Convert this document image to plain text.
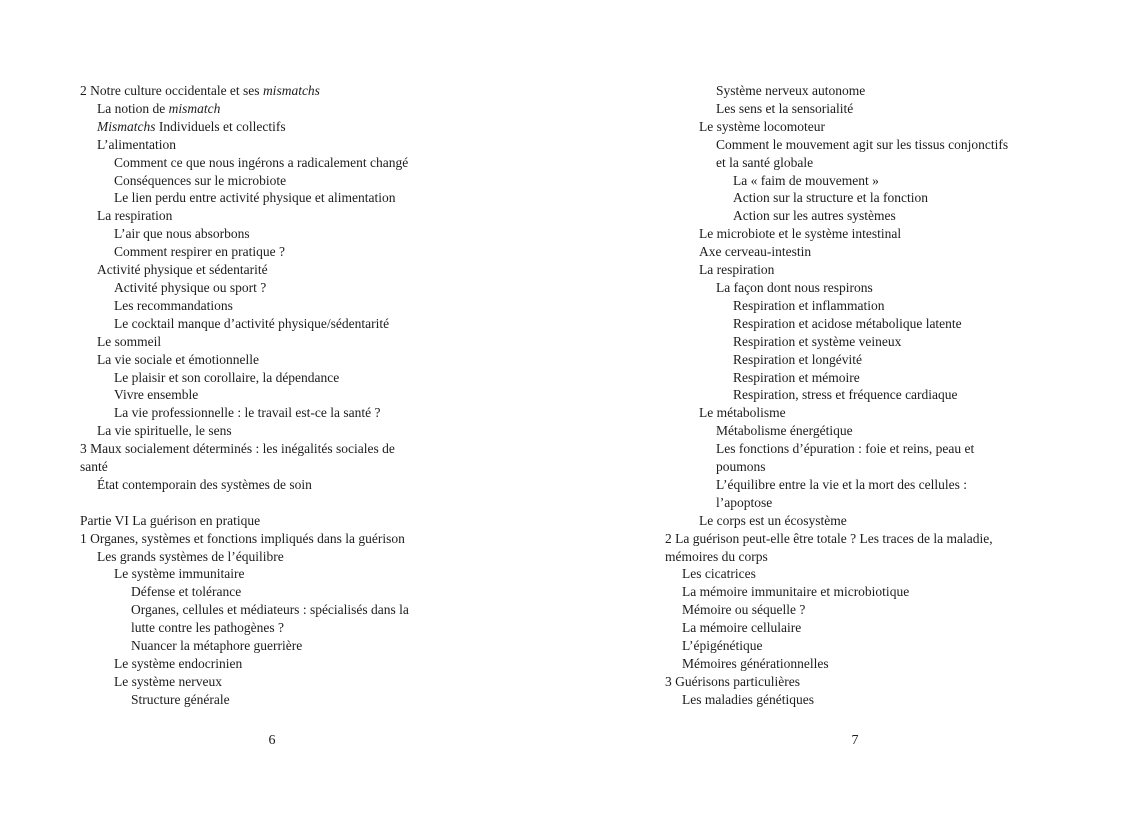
2 Notre culture occidentale et ses mismatchs
La notion de mismatch
Mismatchs Individuels et collectifs
L’alimentation
Comment ce que nous ingérons a radicalement changé
Conséquences sur le microbiote
Le lien perdu entre activité physique et alimentation
La respiration
L’air que nous absorbons
Comment respirer en pratique ?
Activité physique et sédentarité
Activité physique ou sport ?
Les recommandations
Le cocktail manque d’activité physique/sédentarité
Le sommeil
La vie sociale et émotionnelle
Le plaisir et son corollaire, la dépendance
Vivre ensemble
La vie professionnelle : le travail est-ce la santé ?
La vie spirituelle, le sens
3 Maux socialement déterminés : les inégalités sociales de santé
État contemporain des systèmes de soin
Partie VI La guérison en pratique
1 Organes, systèmes et fonctions impliqués dans la guérison
Les grands systèmes de l’équilibre
Le système immunitaire
Défense et tolérance
Organes, cellules et médiateurs : spécialisés dans la lutte contre les pathogènes ?
Nuancer la métaphore guerrière
Le système endocrinien
Le système nerveux
Structure générale
6
Système nerveux autonome
Les sens et la sensorialité
Le système locomoteur
Comment le mouvement agit sur les tissus conjonctifs et la santé globale
La « faim de mouvement »
Action sur la structure et la fonction
Action sur les autres systèmes
Le microbiote et le système intestinal
Axe cerveau-intestin
La respiration
La façon dont nous respirons
Respiration et inflammation
Respiration et acidose métabolique latente
Respiration et système veineux
Respiration et longévité
Respiration et mémoire
Respiration, stress et fréquence cardiaque
Le métabolisme
Métabolisme énergétique
Les fonctions d’épuration : foie et reins, peau et poumons
L’équilibre entre la vie et la mort des cellules : l’apoptose
Le corps est un écosystème
2 La guérison peut-elle être totale ? Les traces de la maladie, mémoires du corps
Les cicatrices
La mémoire immunitaire et microbiotique
Mémoire ou séquelle ?
La mémoire cellulaire
L’épigénétique
Mémoires générationnelles
3 Guérisons particulières
Les maladies génétiques
7
